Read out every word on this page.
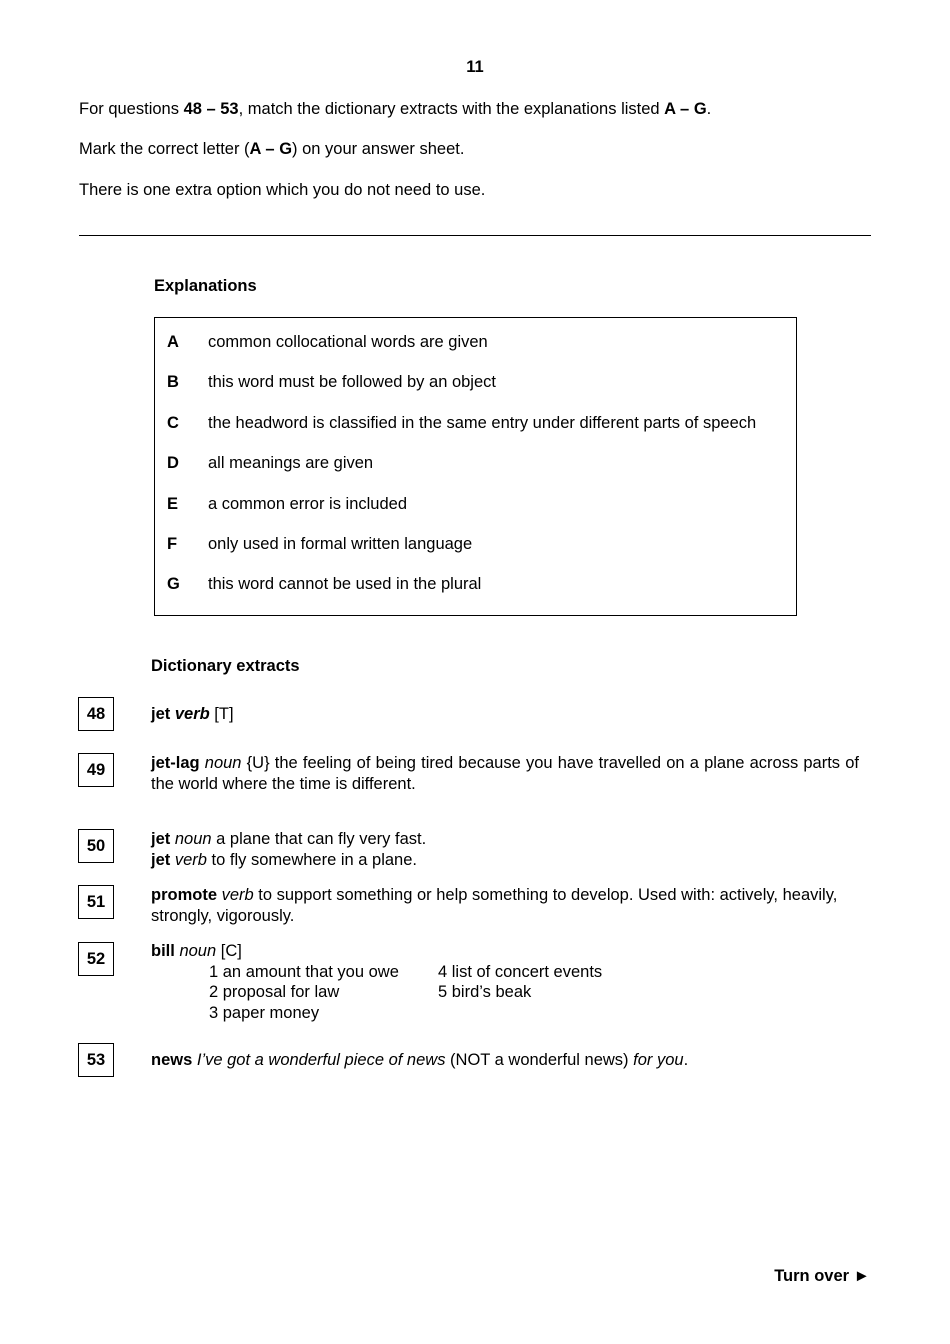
11
For questions 48 – 53, match the dictionary extracts with the explanations listed A – G.
Mark the correct letter (A – G) on your answer sheet.
There is one extra option which you do not need to use.
Explanations
A common collocational words are given
B this word must be followed by an object
C the headword is classified in the same entry under different parts of speech
D all meanings are given
E a common error is included
F only used in formal written language
G this word cannot be used in the plural
Dictionary extracts
48	jet verb [T]
49	jet-lag noun {U} the feeling of being tired because you have travelled on a plane across parts of the world where the time is different.
50	jet noun a plane that can fly very fast.
jet verb to fly somewhere in a plane.
51	promote verb to support something or help something to develop. Used with: actively, heavily, strongly, vigorously.
52	bill noun [C]
1 an amount that you owe
2 proposal for law
3 paper money
4 list of concert events
5 bird’s beak
53	news I’ve got a wonderful piece of news (NOT a wonderful news) for you.
Turn over ►
